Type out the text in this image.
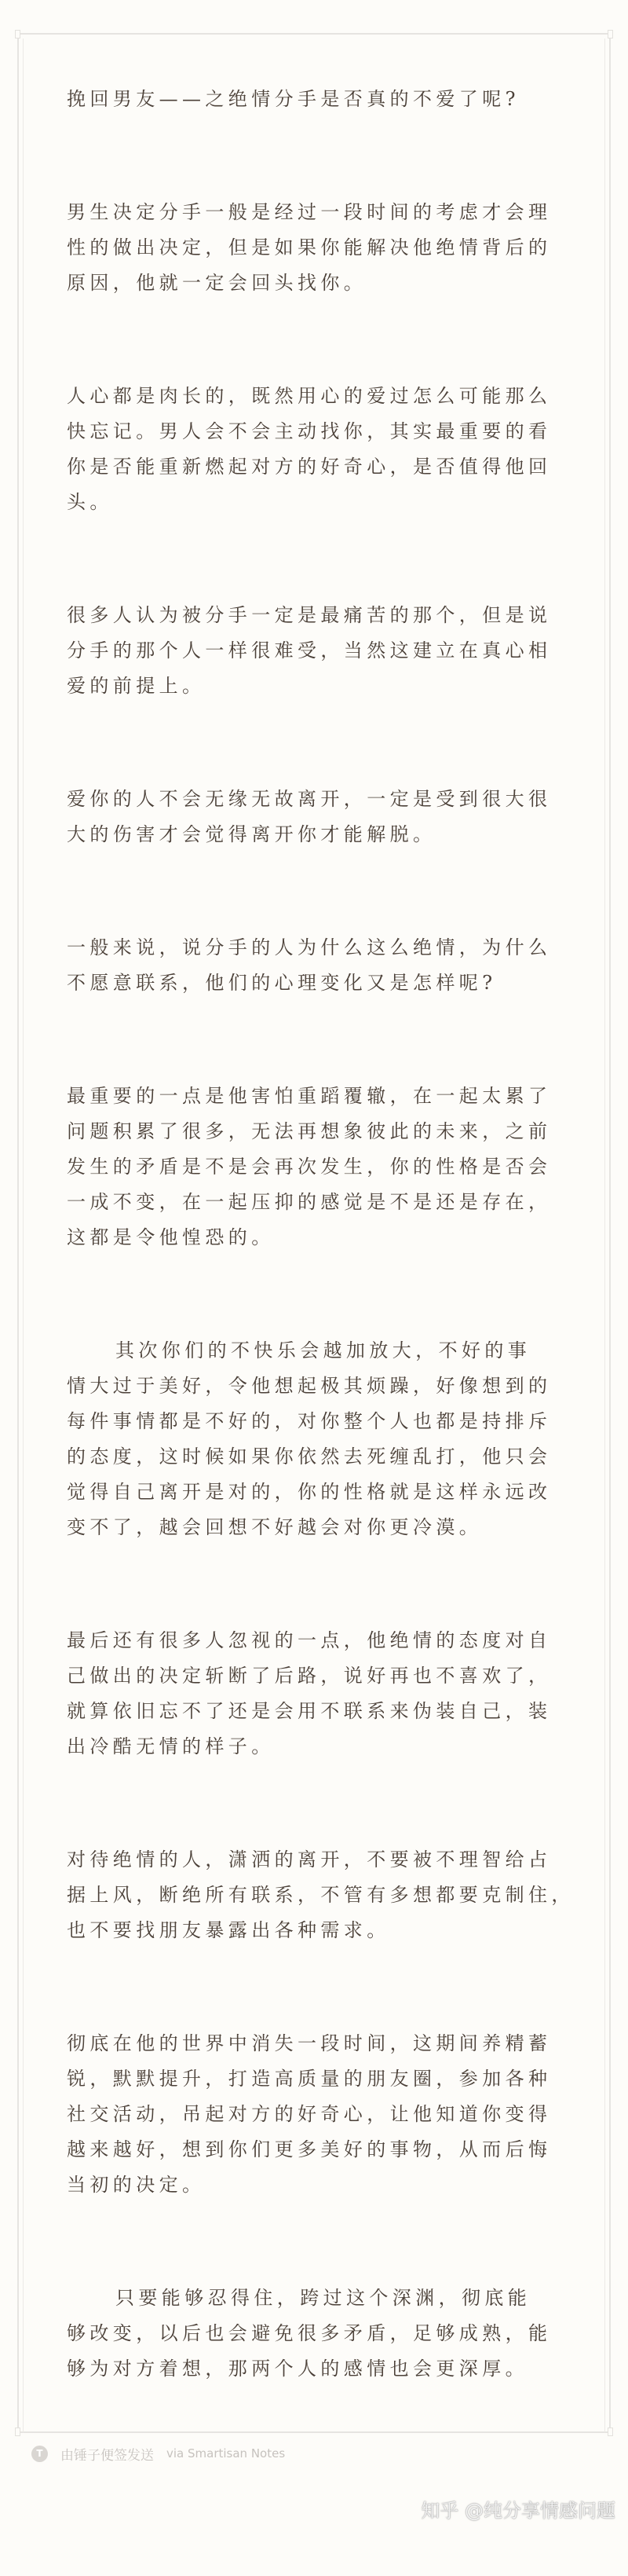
挽回男友——之绝情分手是否真的不爱了呢?
男生决定分手一般是经过一段时间的考虑才会理
性的做出决定，但是如果你能解决他绝情背后的
原因，他就一定会回头找你。
人心都是肉长的，既然用心的爱过怎么可能那么
快忘记。男人会不会主动找你，其实最重要的看
你是否能重新燃起对方的好奇心，是否值得他回
头。
很多人认为被分手一定是最痛苦的那个，但是说
分手的那个人一样很难受，当然这建立在真心相
爱的前提上。
爱你的人不会无缘无故离开，一定是受到很大很
大的伤害才会觉得离开你才能解脱。
一般来说，说分手的人为什么这么绝情，为什么
不愿意联系，他们的心理变化又是怎样呢?
最重要的一点是他害怕重蹈覆辙，在一起太累了
问题积累了很多，无法再想象彼此的未来，之前
发生的矛盾是不是会再次发生，你的性格是否会
一成不变，在一起压抑的感觉是不是还是存在，
这都是令他惶恐的。
其次你们的不快乐会越加放大，不好的事
情大过于美好，令他想起极其烦躁，好像想到的
每件事情都是不好的，对你整个人也都是持排斥
的态度，这时候如果你依然去死缠乱打，他只会
觉得自己离开是对的，你的性格就是这样永远改
变不了，越会回想不好越会对你更冷漠。
最后还有很多人忽视的一点，他绝情的态度对自
己做出的决定斩断了后路，说好再也不喜欢了，
就算依旧忘不了还是会用不联系来伪装自己，装
出冷酷无情的样子。
对待绝情的人，潇洒的离开，不要被不理智给占
据上风，断绝所有联系，不管有多想都要克制住，
也不要找朋友暴露出各种需求。
彻底在他的世界中消失一段时间，这期间养精蓄
锐，默默提升，打造高质量的朋友圈，参加各种
社交活动，吊起对方的好奇心，让他知道你变得
越来越好，想到你们更多美好的事物，从而后悔
当初的决定。
只要能够忍得住，跨过这个深渊，彻底能
够改变，以后也会避免很多矛盾，足够成熟，能
够为对方着想，那两个人的感情也会更深厚。
T	由锤子便签发送 via Smartisan Notes
知乎 @纯分享情感问题
